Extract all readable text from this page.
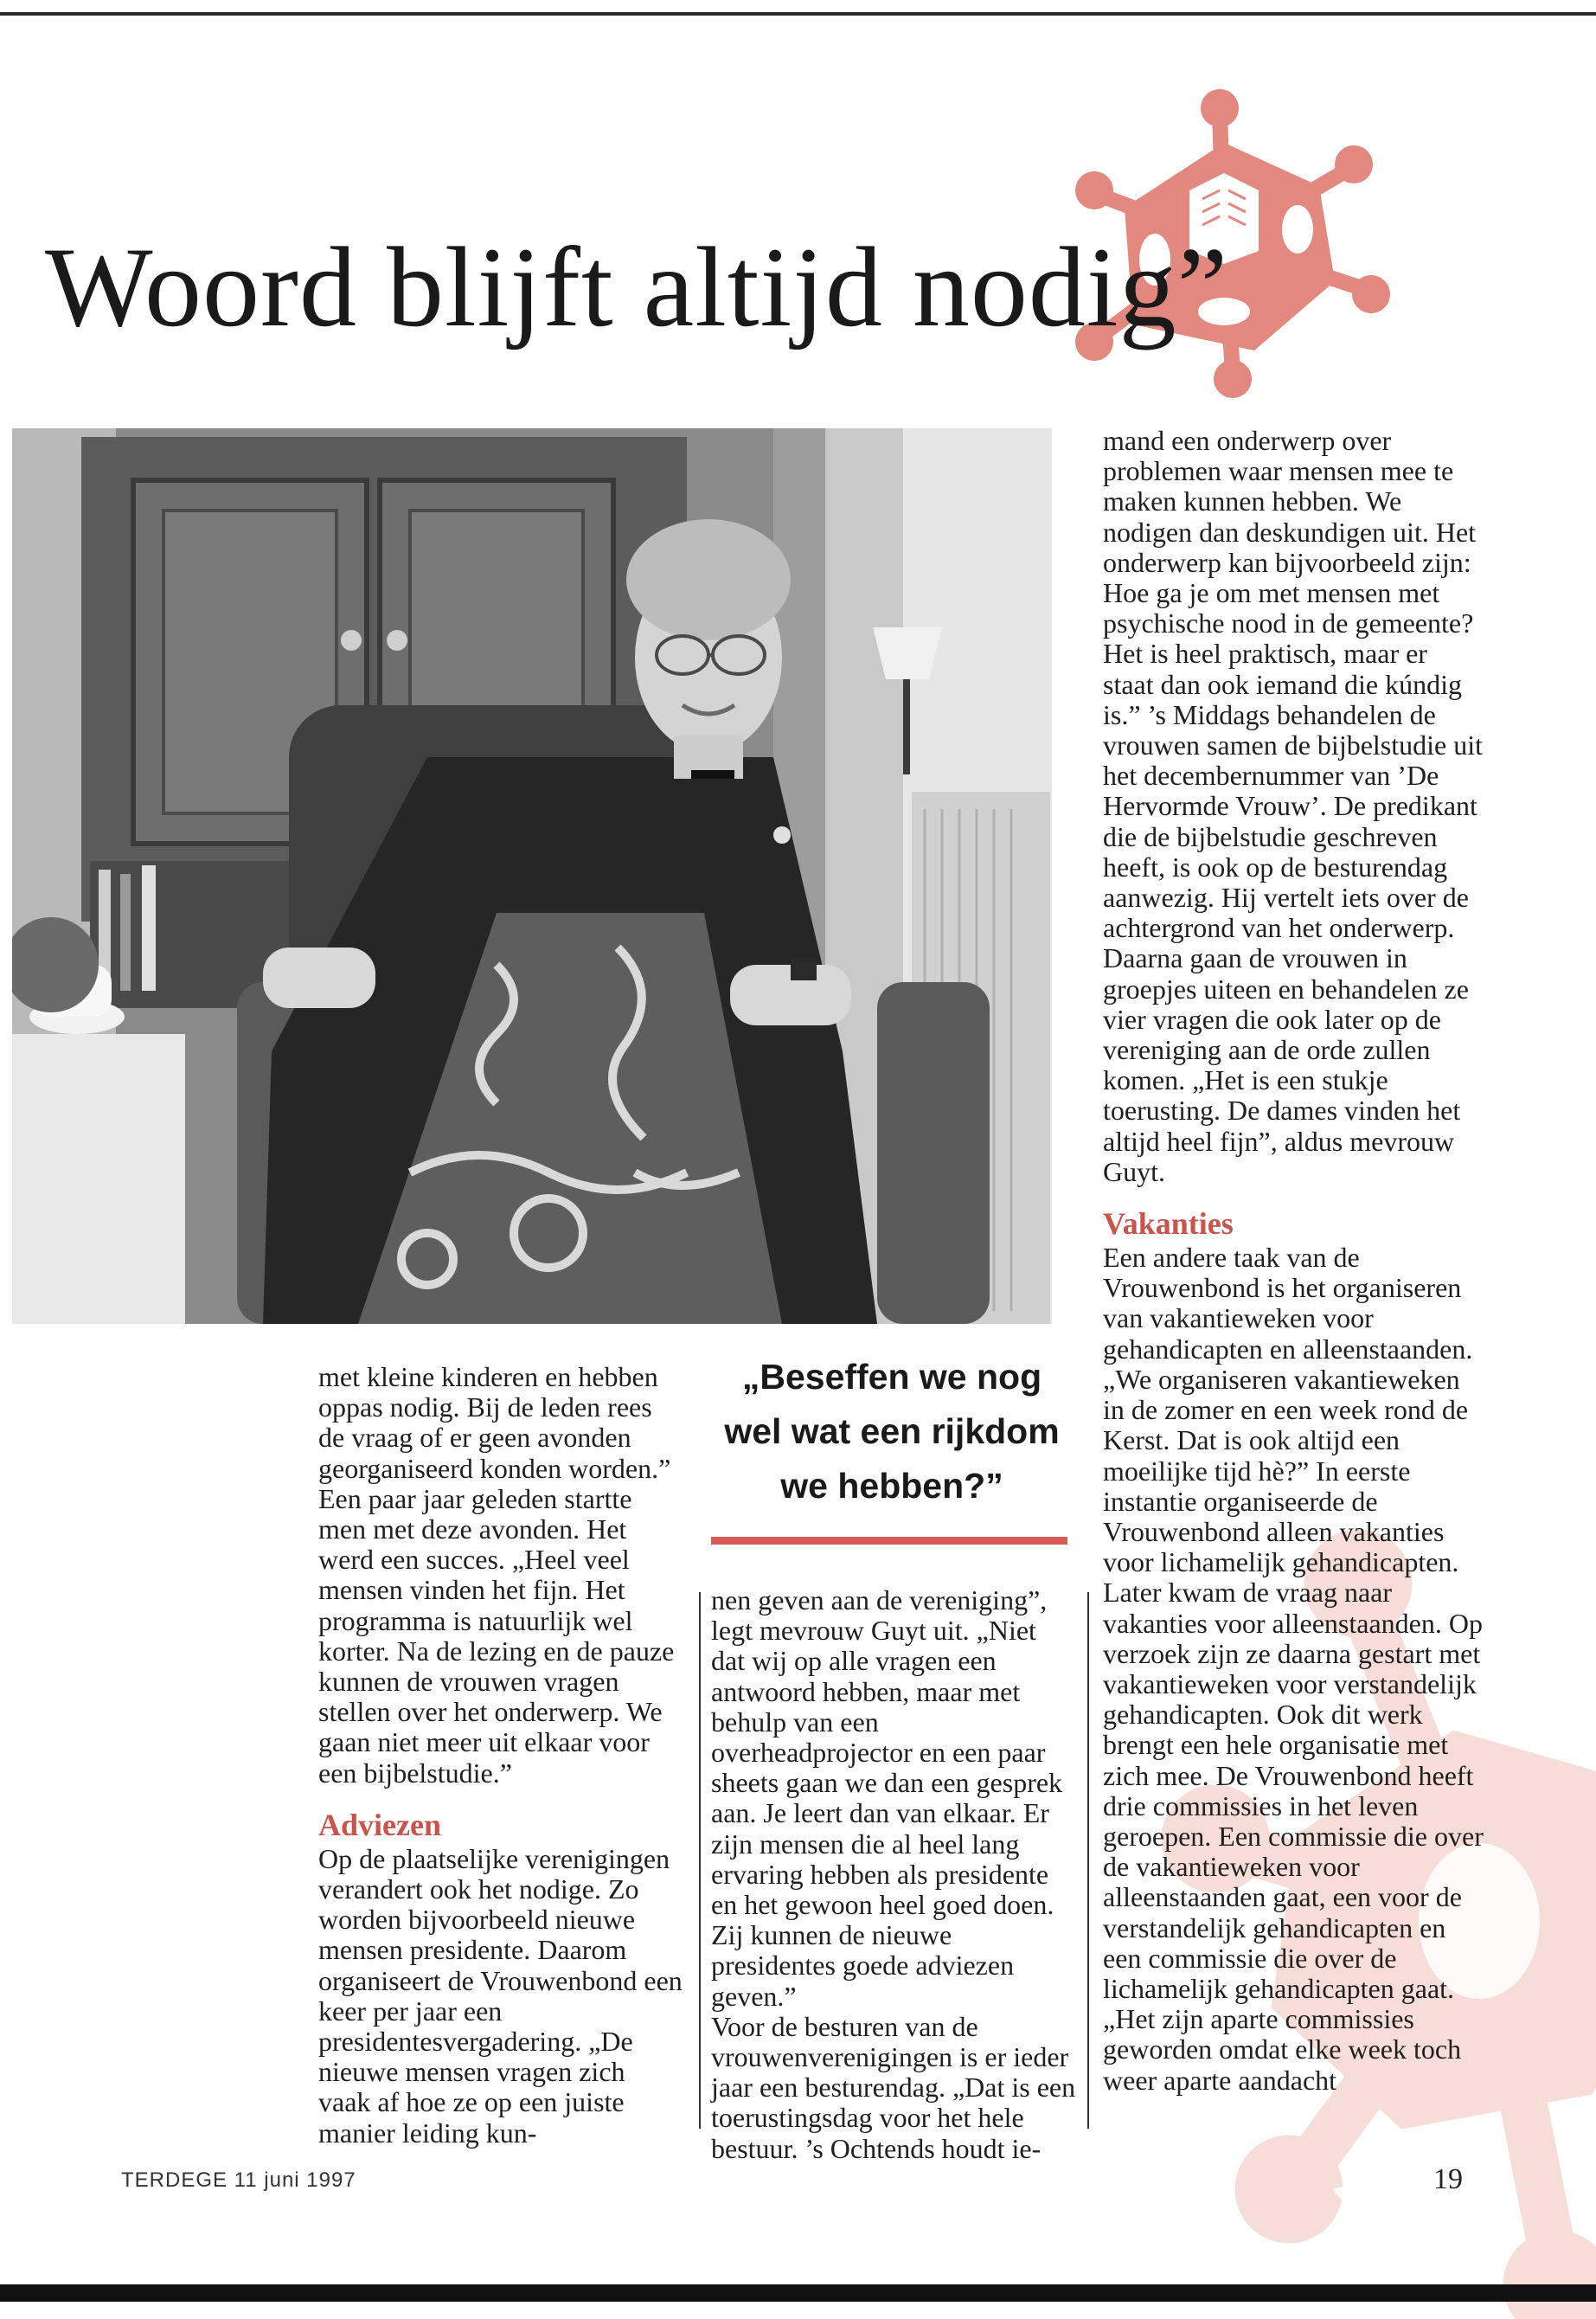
Woord blijft altijd nodig”

met kleine kinderen en hebben oppas nodig. Bij de leden rees de vraag of er geen avonden georganiseerd konden worden.” Een paar jaar geleden startte men met deze avonden. Het werd een succes. „Heel veel mensen vinden het fijn. Het programma is natuurlijk wel korter. Na de lezing en de pauze kunnen de vrouwen vragen stellen over het onderwerp. We gaan niet meer uit elkaar voor een bijbelstudie.”

Adviezen

Op de plaatselijke verenigingen verandert ook het nodige. Zo worden bijvoorbeeld nieuwe mensen presidente. Daarom organiseert de Vrouwenbond een keer per jaar een presidentesvergadering. „De nieuwe mensen vragen zich vaak af hoe ze op een juiste manier leiding kun-

„Beseffen we nog wel wat een rijkdom we hebben?”

nen geven aan de vereniging”, legt mevrouw Guyt uit. „Niet dat wij op alle vragen een antwoord hebben, maar met behulp van een overheadprojector en een paar sheets gaan we dan een gesprek aan. Je leert dan van elkaar. Er zijn mensen die al heel lang ervaring hebben als presidente en het gewoon heel goed doen. Zij kunnen de nieuwe presidentes goede adviezen geven.”

Voor de besturen van de vrouwenverenigingen is er ieder jaar een besturendag. „Dat is een toerustingsdag voor het hele bestuur. ’s Ochtends houdt ie-

mand een onderwerp over problemen waar mensen mee te maken kunnen hebben. We nodigen dan deskundigen uit. Het onderwerp kan bijvoorbeeld zijn: Hoe ga je om met mensen met psychische nood in de gemeente? Het is heel praktisch, maar er staat dan ook iemand die kúndig is.” ’s Middags behandelen de vrouwen samen de bijbelstudie uit het decembernummer van ’De Hervormde Vrouw’. De predikant die de bijbelstudie geschreven heeft, is ook op de besturendag aanwezig. Hij vertelt iets over de achtergrond van het onderwerp. Daarna gaan de vrouwen in groepjes uiteen en behandelen ze vier vragen die ook later op de vereniging aan de orde zullen komen. „Het is een stukje toerusting. De dames vinden het altijd heel fijn”, aldus mevrouw Guyt.

Vakanties

Een andere taak van de Vrouwenbond is het organiseren van vakantieweken voor gehandicapten en alleenstaanden. „We organiseren vakantieweken in de zomer en een week rond de Kerst. Dat is ook altijd een moeilijke tijd hè?” In eerste instantie organiseerde de Vrouwenbond alleen vakanties voor lichamelijk gehandicapten. Later kwam de vraag naar vakanties voor alleenstaanden. Op verzoek zijn ze daarna gestart met vakantieweken voor verstandelijk gehandicapten. Ook dit werk brengt een hele organisatie met zich mee. De Vrouwenbond heeft drie commissies in het leven geroepen. Een commissie die over de vakantieweken voor alleenstaanden gaat, een voor de verstandelijk gehandicapten en een commissie die over de lichamelijk gehandicapten gaat. „Het zijn aparte commissies geworden omdat elke week toch weer aparte aandacht

TERDEGE 11 juni 1997	19
